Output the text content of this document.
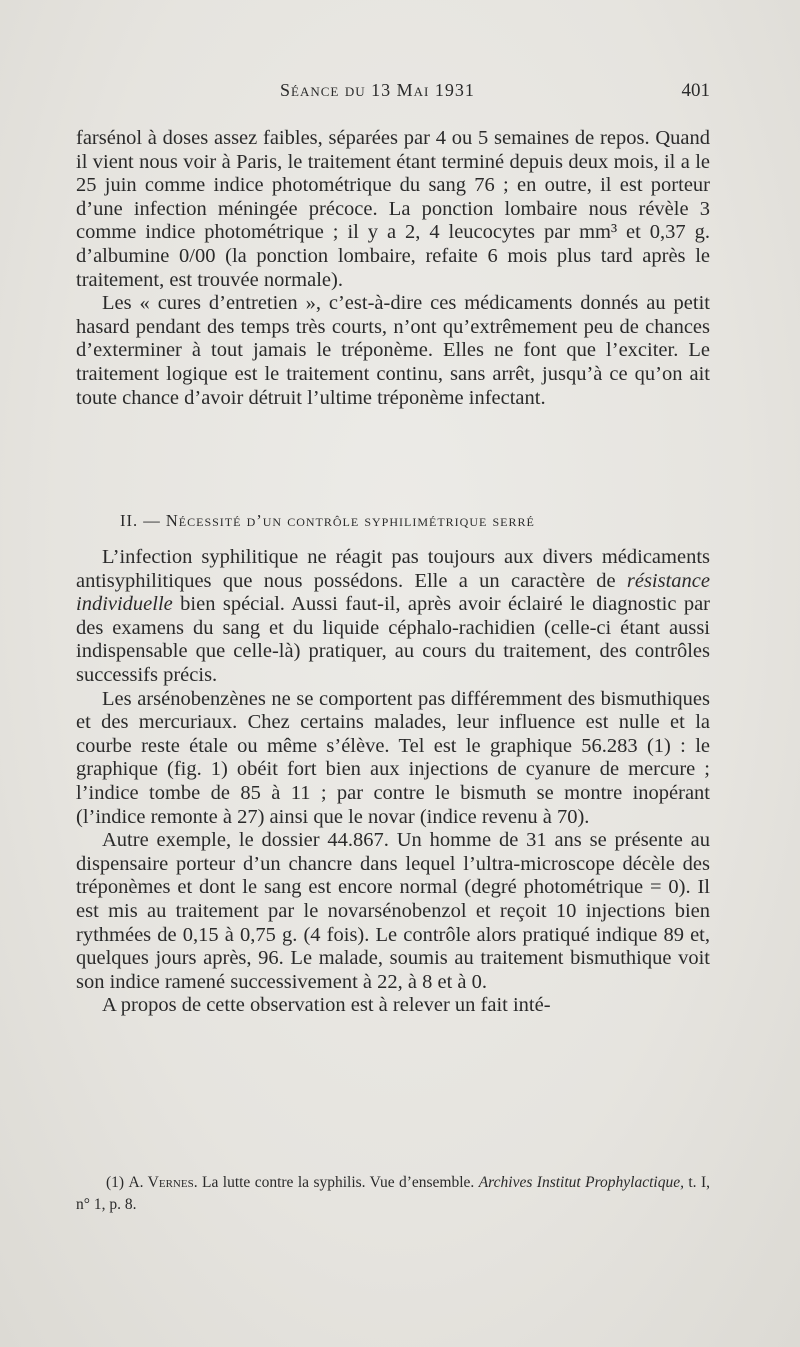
Séance du 13 Mai 1931	401

farsénol à doses assez faibles, séparées par 4 ou 5 semaines de repos. Quand il vient nous voir à Paris, le traitement étant terminé depuis deux mois, il a le 25 juin comme indice photométrique du sang 76 ; en outre, il est porteur d’une infection méningée précoce. La ponction lombaire nous révèle 3 comme indice photométrique ; il y a 2, 4 leucocytes par mm³ et 0,37 g. d’albumine 0/00 (la ponction lombaire, refaite 6 mois plus tard après le traitement, est trouvée normale).

Les « cures d’entretien », c’est-à-dire ces médicaments donnés au petit hasard pendant des temps très courts, n’ont qu’extrêmement peu de chances d’exterminer à tout jamais le tréponème. Elles ne font que l’exciter. Le traitement logique est le traitement continu, sans arrêt, jusqu’à ce qu’on ait toute chance d’avoir détruit l’ultime tréponème infectant.

II. — Nécessité d’un contrôle syphilimétrique serré

L’infection syphilitique ne réagit pas toujours aux divers médicaments antisyphilitiques que nous possédons. Elle a un caractère de résistance individuelle bien spécial. Aussi faut-il, après avoir éclairé le diagnostic par des examens du sang et du liquide céphalo-rachidien (celle-ci étant aussi indispensable que celle-là) pratiquer, au cours du traitement, des contrôles successifs précis.

Les arsénobenzènes ne se comportent pas différemment des bismuthiques et des mercuriaux. Chez certains malades, leur influence est nulle et la courbe reste étale ou même s’élève. Tel est le graphique 56.283 (1) : le graphique (fig. 1) obéit fort bien aux injections de cyanure de mercure ; l’indice tombe de 85 à 11 ; par contre le bismuth se montre inopérant (l’indice remonte à 27) ainsi que le novar (indice revenu à 70).

Autre exemple, le dossier 44.867. Un homme de 31 ans se présente au dispensaire porteur d’un chancre dans lequel l’ultra-microscope décèle des tréponèmes et dont le sang est encore normal (degré photométrique = 0). Il est mis au traitement par le novarsénobenzol et reçoit 10 injections bien rythmées de 0,15 à 0,75 g. (4 fois). Le contrôle alors pratiqué indique 89 et, quelques jours après, 96. Le malade, soumis au traitement bismuthique voit son indice ramené successivement à 22, à 8 et à 0.

A propos de cette observation est à relever un fait inté-

(1) A. Vernes. La lutte contre la syphilis. Vue d’ensemble. Archives Institut Prophylactique, t. I, n° 1, p. 8.
